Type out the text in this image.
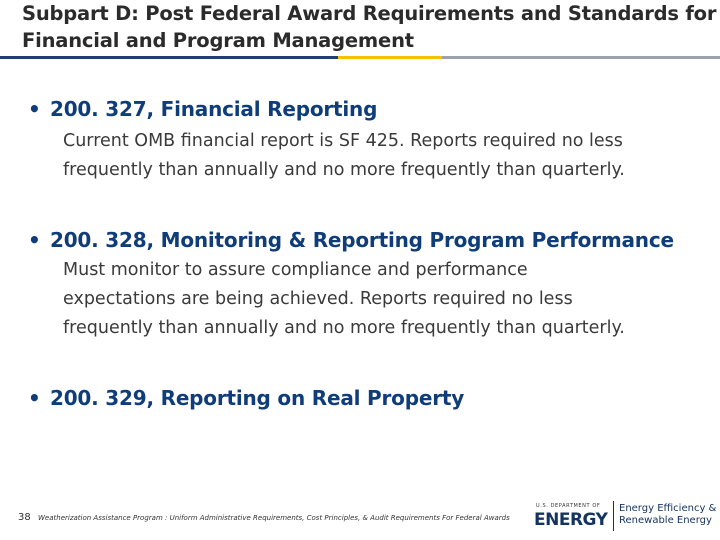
Subpart D: Post Federal Award Requirements and Standards for
Financial and Program Management
• 200. 327, Financial Reporting
Current OMB financial report is SF 425. Reports required no less
frequently than annually and no more frequently than quarterly.
• 200. 328, Monitoring & Reporting Program Performance
Must monitor to assure compliance and performance
expectations are being achieved. Reports required no less
frequently than annually and no more frequently than quarterly.
• 200. 329, Reporting on Real Property
38 Weatherization Assistance Program : Uniform Administrative Requirements, Cost Principles, & Audit Requirements For Federal Awards
U.S. DEPARTMENT OF
ENERGY
Energy Efficiency &
Renewable Energy
